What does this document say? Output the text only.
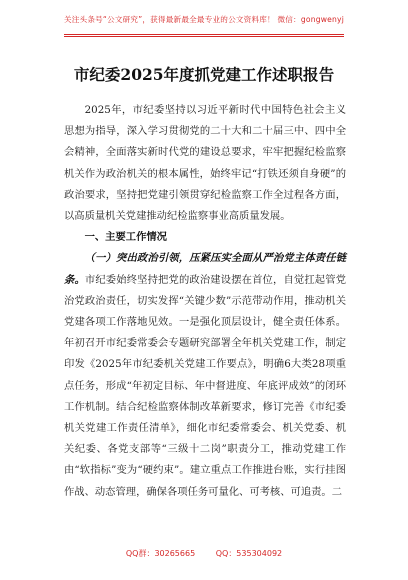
关注头条号“公文研究”，获得最新最全最专业的公文资料库！ 微信：gongwenyj
市纪委2025年度抓党建工作述职报告

2025年，市纪委坚持以习近平新时代中国特色社会主义思想为指导，深入学习贯彻党的二十大和二十届三中、四中全会精神，全面落实新时代党的建设总要求，牢牢把握纪检监察机关作为政治机关的根本属性，始终牢记“打铁还须自身硬”的政治要求，坚持把党建引领贯穿纪检监察工作全过程各方面，以高质量机关党建推动纪检监察事业高质量发展。

一、主要工作情况

（一）突出政治引领，压紧压实全面从严治党主体责任链条。市纪委始终坚持把党的政治建设摆在首位，自觉扛起管党治党政治责任，切实发挥“关键少数”示范带动作用，推动机关党建各项工作落地见效。一是强化顶层设计，健全责任体系。年初召开市纪委常委会专题研究部署全年机关党建工作，制定印发《2025年市纪委机关党建工作要点》，明确6大类28项重点任务，形成“年初定目标、年中督进度、年底评成效”的闭环工作机制。结合纪检监察体制改革新要求，修订完善《市纪委机关党建工作责任清单》，细化市纪委常委会、机关党委、机关纪委、各党支部等“三级十二岗”职责分工，推动党建工作由“软指标”变为“硬约束”。建立重点工作推进台账，实行挂图作战、动态管理，确保各项任务可量化、可考核、可追责。二

QQ群：30265665	QQ：535304092
